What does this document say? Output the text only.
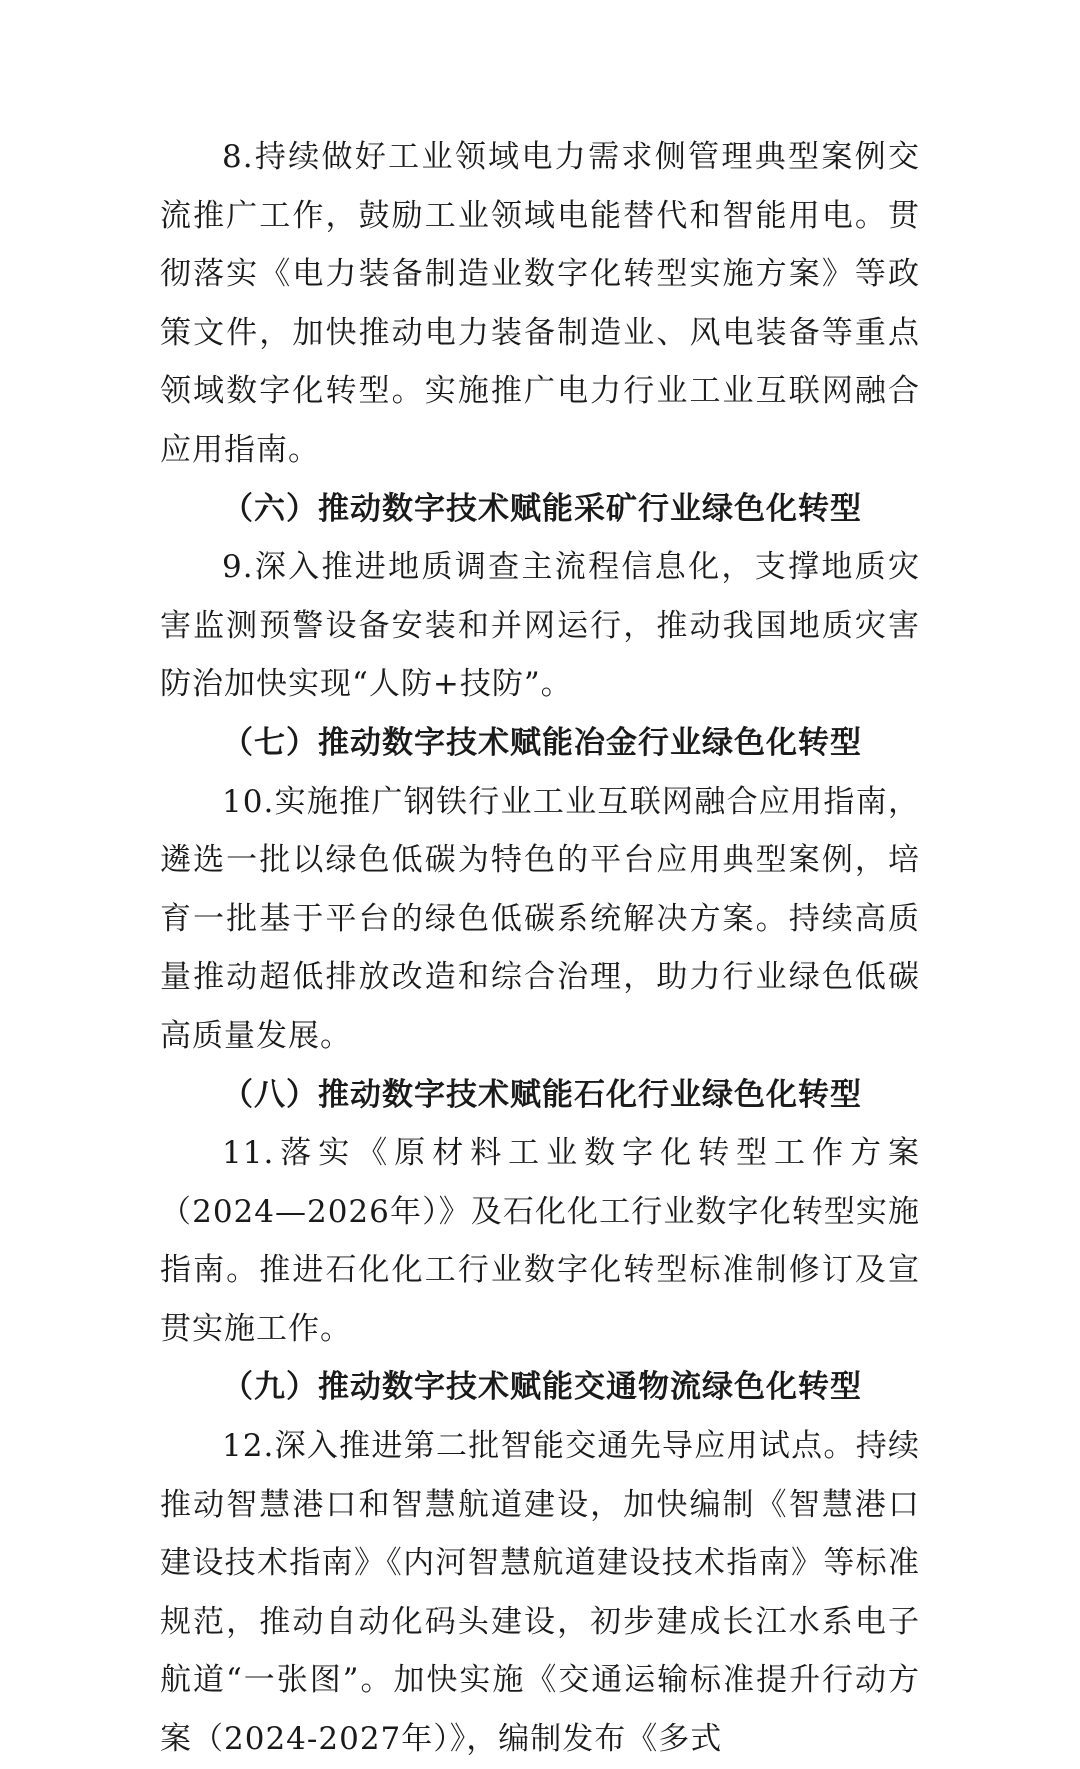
8.持续做好工业领域电力需求侧管理典型案例交流推广工作，鼓励工业领域电能替代和智能用电。贯彻落实《电力装备制造业数字化转型实施方案》等政策文件，加快推动电力装备制造业、风电装备等重点领域数字化转型。实施推广电力行业工业互联网融合应用指南。

（六）推动数字技术赋能采矿行业绿色化转型

9.深入推进地质调查主流程信息化，支撑地质灾害监测预警设备安装和并网运行，推动我国地质灾害防治加快实现“人防+技防”。

（七）推动数字技术赋能冶金行业绿色化转型

10.实施推广钢铁行业工业互联网融合应用指南，遴选一批以绿色低碳为特色的平台应用典型案例，培育一批基于平台的绿色低碳系统解决方案。持续高质量推动超低排放改造和综合治理，助力行业绿色低碳高质量发展。

（八）推动数字技术赋能石化行业绿色化转型

11.落实《原材料工业数字化转型工作方案（2024—2026年）》及石化化工行业数字化转型实施指南。推进石化化工行业数字化转型标准制修订及宣贯实施工作。

（九）推动数字技术赋能交通物流绿色化转型

12.深入推进第二批智能交通先导应用试点。持续推动智慧港口和智慧航道建设，加快编制《智慧港口建设技术指南》《内河智慧航道建设技术指南》等标准规范，推动自动化码头建设，初步建成长江水系电子航道“一张图”。加快实施《交通运输标准提升行动方案（2024-2027年）》，编制发布《多式
